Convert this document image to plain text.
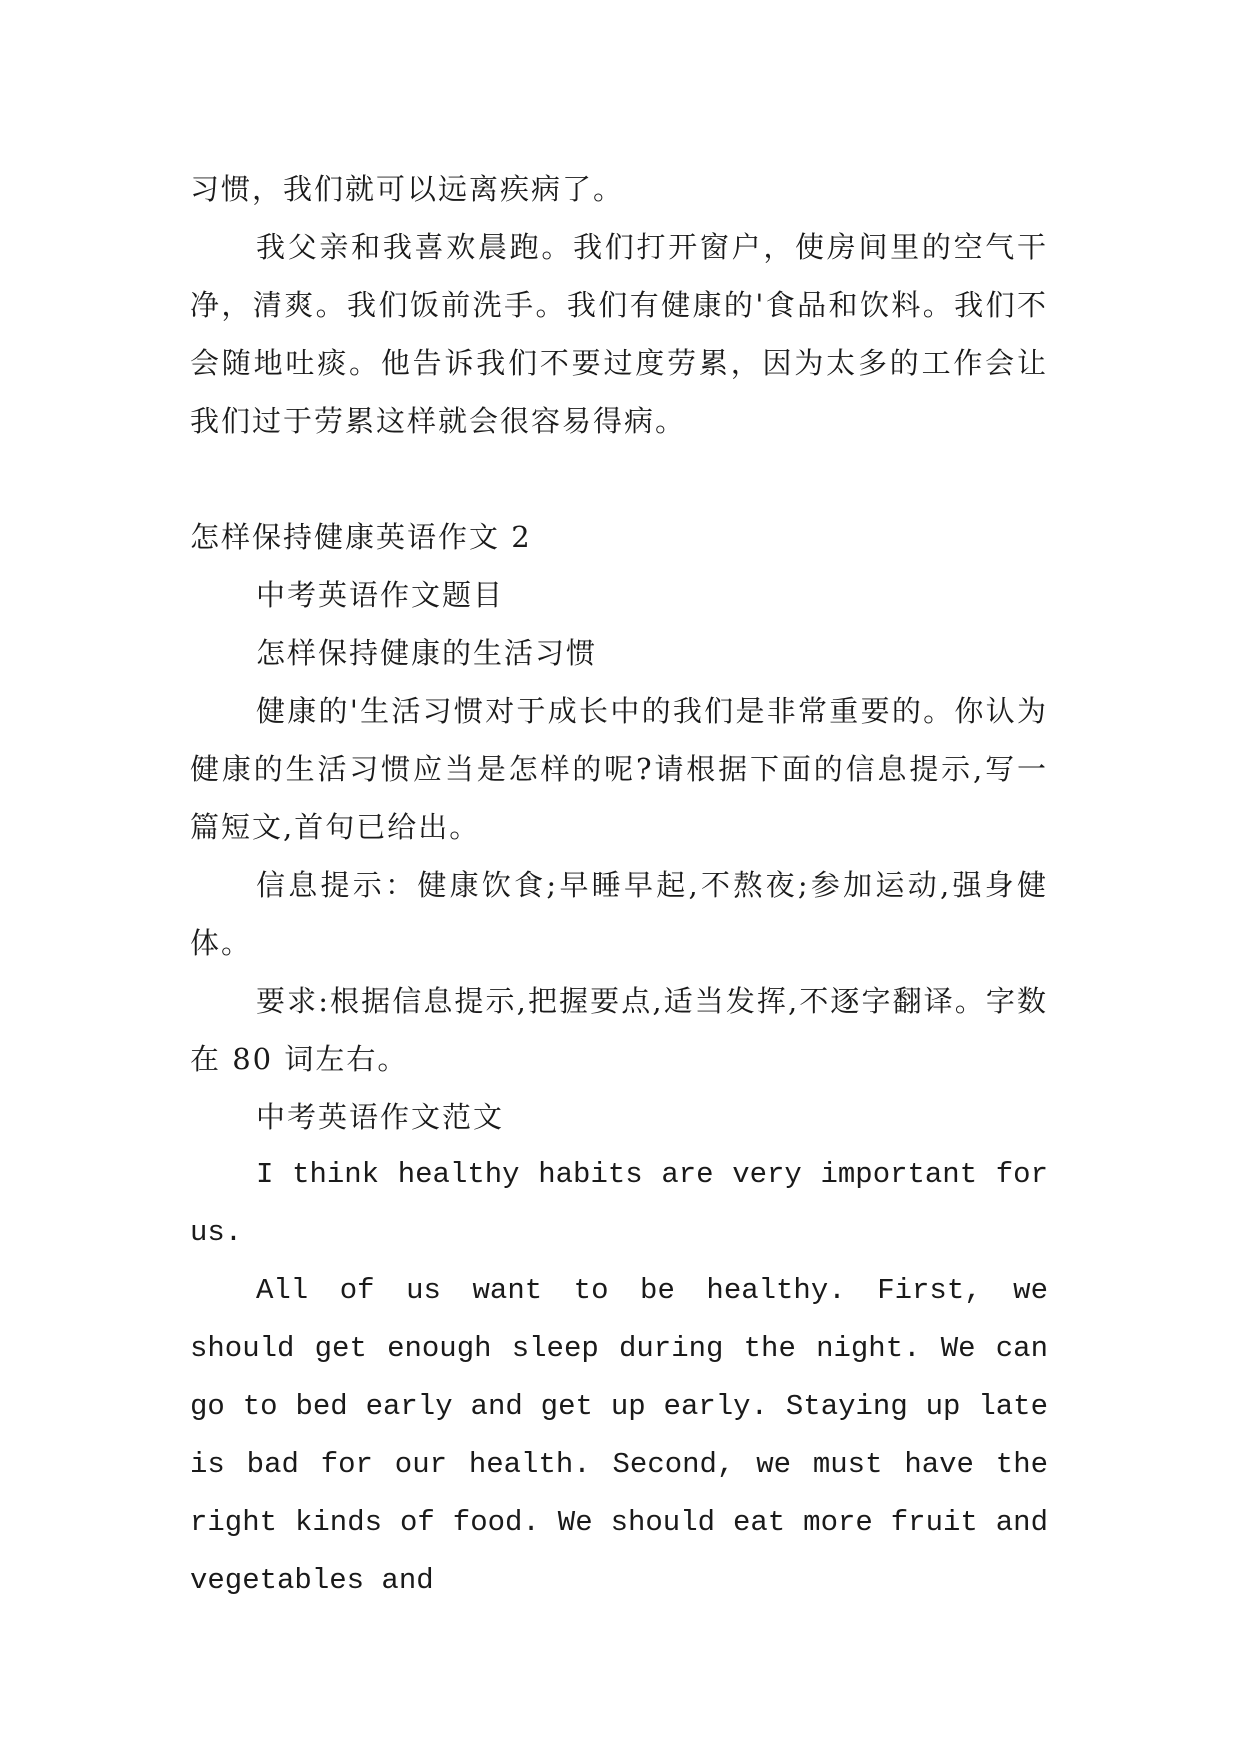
习惯，我们就可以远离疾病了。

我父亲和我喜欢晨跑。我们打开窗户，使房间里的空气干净，清爽。我们饭前洗手。我们有健康的'食品和饮料。我们不会随地吐痰。他告诉我们不要过度劳累，因为太多的工作会让我们过于劳累这样就会很容易得病。

怎样保持健康英语作文 2

中考英语作文题目

怎样保持健康的生活习惯

健康的'生活习惯对于成长中的我们是非常重要的。你认为健康的生活习惯应当是怎样的呢?请根据下面的信息提示,写一篇短文,首句已给出。

信息提示：健康饮食;早睡早起,不熬夜;参加运动,强身健体。

要求:根据信息提示,把握要点,适当发挥,不逐字翻译。字数在 80 词左右。

中考英语作文范文

I think healthy habits are very important for us.

All of us want to be healthy. First, we should get enough sleep during the night. We can go to bed early and get up early. Staying up late is bad for our health. Second, we must have the right kinds of food. We should eat more fruit and vegetables and
